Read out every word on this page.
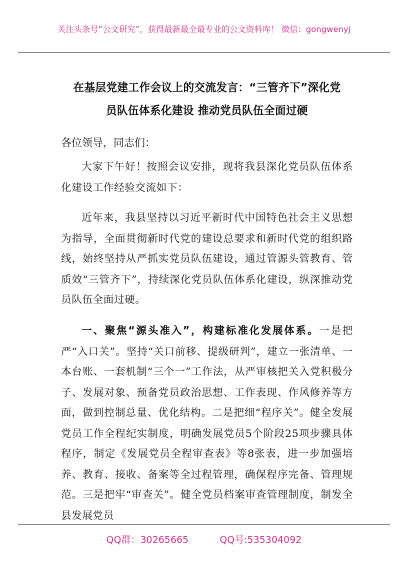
关注头条号“公文研究”，获得最新最全最专业的公文资料库！ 微信：gongwenyj
在基层党建工作会议上的交流发言：“三管齐下”深化党
员队伍体系化建设 推动党员队伍全面过硬
各位领导，同志们：

大家下午好！按照会议安排，现将我县深化党员队伍体系化建设工作经验交流如下：

近年来，我县坚持以习近平新时代中国特色社会主义思想为指导，全面贯彻新时代党的建设总要求和新时代党的组织路线，始终坚持从严抓实党员队伍建设，通过管源头管教育、管质效“三管齐下”，持续深化党员队伍体系化建设，纵深推动党员队伍全面过硬。

一、聚焦“源头准入”，构建标准化发展体系。一是把严“入口关”。坚持“关口前移、提级研判”，建立一张清单、一本台账、一套机制“三个一”工作法，从严审核把关入党积极分子、发展对象、预备党员政治思想、工作表现、作风修养等方面，做到控制总量、优化结构。二是把细“程序关”。健全发展党员工作全程纪实制度，明确发展党员5个阶段25项步骤具体程序，制定《发展党员全程审查表》等8张表，进一步加强培养、教育、接收、备案等全过程管理，确保程序完备、管理规范。三是把牢“审查关”。健全党员档案审查管理制度，制发全县发展党员

QQ群：30265665	QQ号:535304092
